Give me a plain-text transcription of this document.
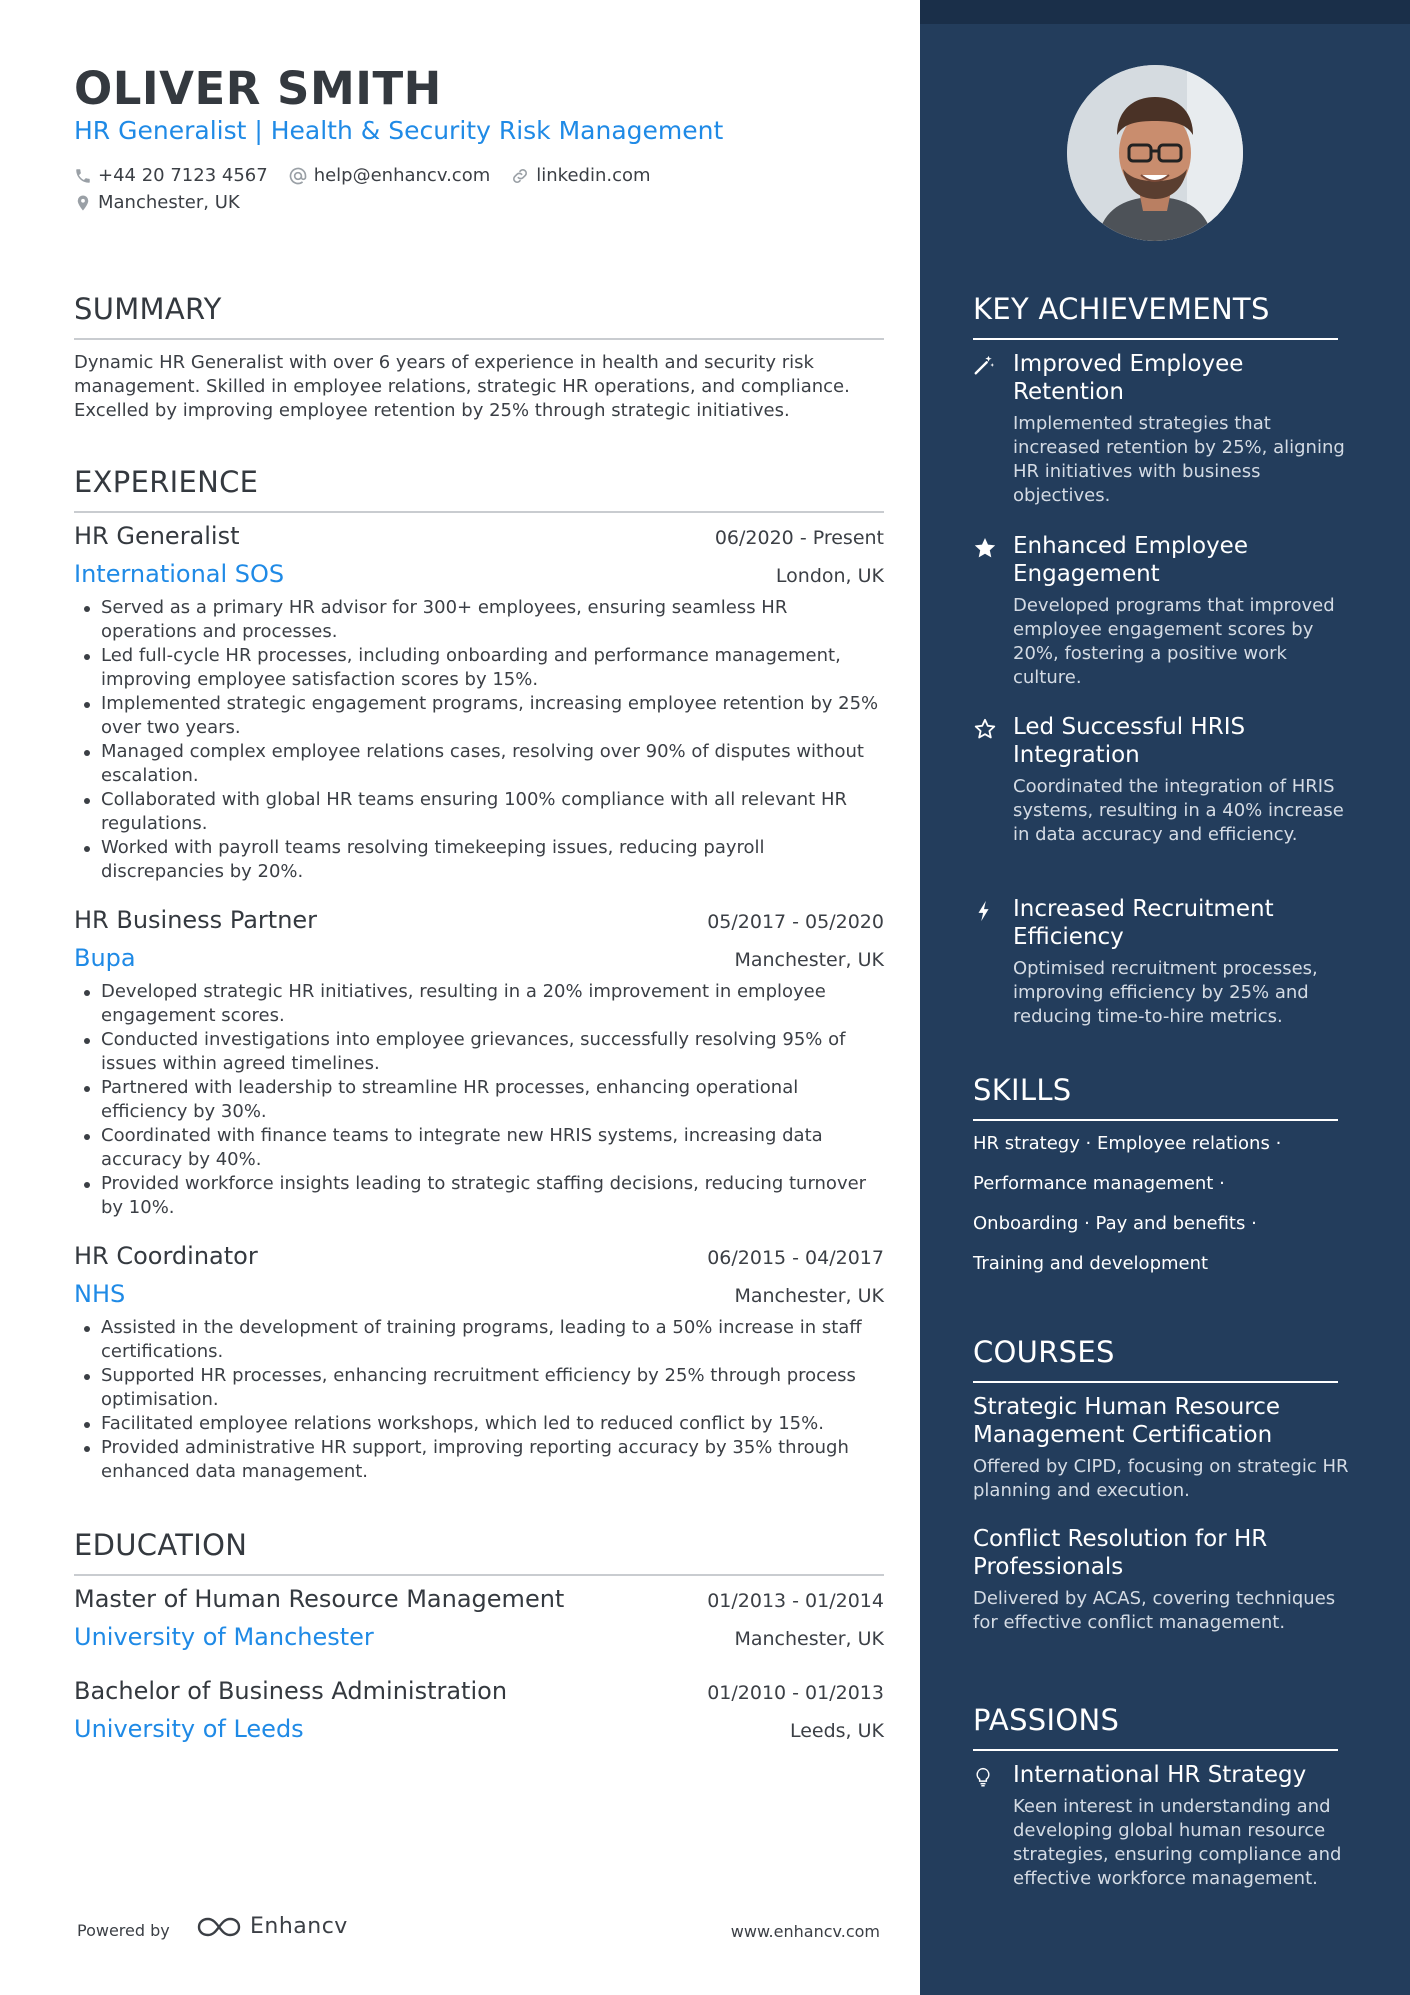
OLIVER SMITH
HR Generalist | Health & Security Risk Management
+44 20 7123 4567	help@enhancv.com	linkedin.com
Manchester, UK
SUMMARY
Dynamic HR Generalist with over 6 years of experience in health and security risk management. Skilled in employee relations, strategic HR operations, and compliance. Excelled by improving employee retention by 25% through strategic initiatives.
EXPERIENCE
HR Generalist	06/2020 - Present
International SOS	London, UK
Served as a primary HR advisor for 300+ employees, ensuring seamless HR operations and processes.
Led full-cycle HR processes, including onboarding and performance management, improving employee satisfaction scores by 15%.
Implemented strategic engagement programs, increasing employee retention by 25% over two years.
Managed complex employee relations cases, resolving over 90% of disputes without escalation.
Collaborated with global HR teams ensuring 100% compliance with all relevant HR regulations.
Worked with payroll teams resolving timekeeping issues, reducing payroll discrepancies by 20%.
HR Business Partner	05/2017 - 05/2020
Bupa	Manchester, UK
Developed strategic HR initiatives, resulting in a 20% improvement in employee engagement scores.
Conducted investigations into employee grievances, successfully resolving 95% of issues within agreed timelines.
Partnered with leadership to streamline HR processes, enhancing operational efficiency by 30%.
Coordinated with finance teams to integrate new HRIS systems, increasing data accuracy by 40%.
Provided workforce insights leading to strategic staffing decisions, reducing turnover by 10%.
HR Coordinator	06/2015 - 04/2017
NHS	Manchester, UK
Assisted in the development of training programs, leading to a 50% increase in staff certifications.
Supported HR processes, enhancing recruitment efficiency by 25% through process optimisation.
Facilitated employee relations workshops, which led to reduced conflict by 15%.
Provided administrative HR support, improving reporting accuracy by 35% through enhanced data management.
EDUCATION
Master of Human Resource Management	01/2013 - 01/2014
University of Manchester	Manchester, UK
Bachelor of Business Administration	01/2010 - 01/2013
University of Leeds	Leeds, UK
Powered by	Enhancv	www.enhancv.com
KEY ACHIEVEMENTS
Improved Employee Retention
Implemented strategies that increased retention by 25%, aligning HR initiatives with business objectives.
Enhanced Employee Engagement
Developed programs that improved employee engagement scores by 20%, fostering a positive work culture.
Led Successful HRIS Integration
Coordinated the integration of HRIS systems, resulting in a 40% increase in data accuracy and efficiency.
Increased Recruitment Efficiency
Optimised recruitment processes, improving efficiency by 25% and reducing time-to-hire metrics.
SKILLS
HR strategy · Employee relations ·
Performance management ·
Onboarding · Pay and benefits ·
Training and development
COURSES
Strategic Human Resource Management Certification
Offered by CIPD, focusing on strategic HR planning and execution.
Conflict Resolution for HR Professionals
Delivered by ACAS, covering techniques for effective conflict management.
PASSIONS
International HR Strategy
Keen interest in understanding and developing global human resource strategies, ensuring compliance and effective workforce management.
